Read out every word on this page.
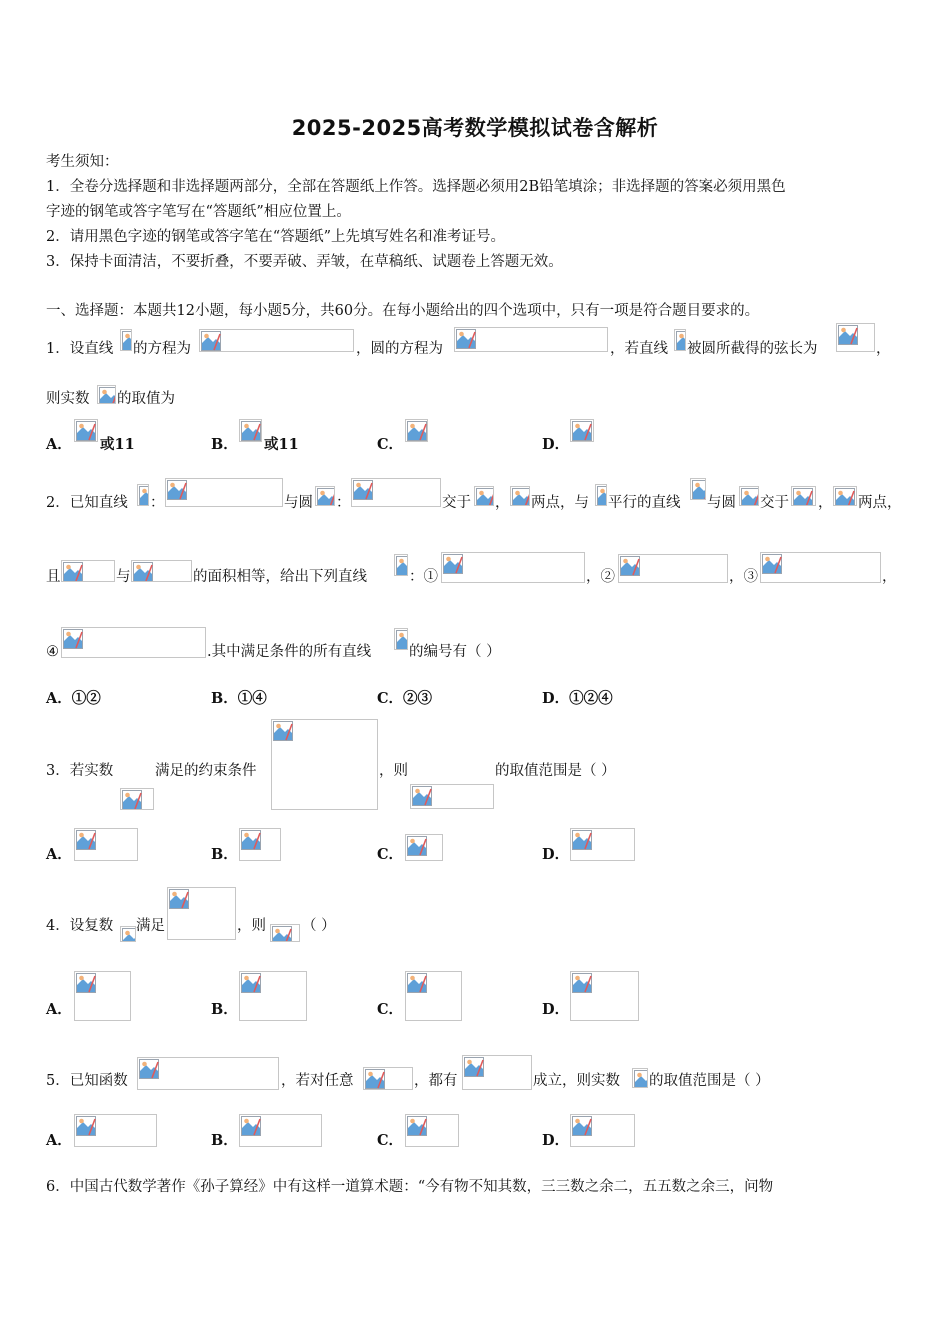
2025-2025高考数学模拟试卷含解析
考生须知：
1．全卷分选择题和非选择题两部分，全部在答题纸上作答。选择题必须用2B铅笔填涂；非选择题的答案必须用黑色
字迹的钢笔或答字笔写在“答题纸”相应位置上。
2．请用黑色字迹的钢笔或答字笔在“答题纸”上先填写姓名和准考证号。
3．保持卡面清洁，不要折叠，不要弄破、弄皱，在草稿纸、试题卷上答题无效。
一、选择题：本题共12小题，每小题5分，共60分。在每小题给出的四个选项中，只有一项是符合题目要求的。
1．设直线 的方程为	，圆的方程为	，若直线 被圆所截得的弦长为	，
则实数 的取值为
A． 或11	B． 或11	C．	D．
2．已知直线 ：	与圆 ：	交于 ， 两点，与 平行的直线 与圆 交于 ， 两点，
且	与	的面积相等，给出下列直线	：①	，②	，③	，
④	.其中满足条件的所有直线	的编号有（ ）
A．①②	B．①④	C．②③	D．①②④
3．若实数	满足的约束条件	，则	的取值范围是（ ）
A．	B．	C．	D．
4．设复数 满足	，则 （ ）
A．	B．	C．	D．
5．已知函数	，若对任意	，都有	成立，则实数 的取值范围是（ ）
A．	B．	C．	D．
6．中国古代数学著作《孙子算经》中有这样一道算术题：“今有物不知其数，三三数之余二，五五数之余三，问物
